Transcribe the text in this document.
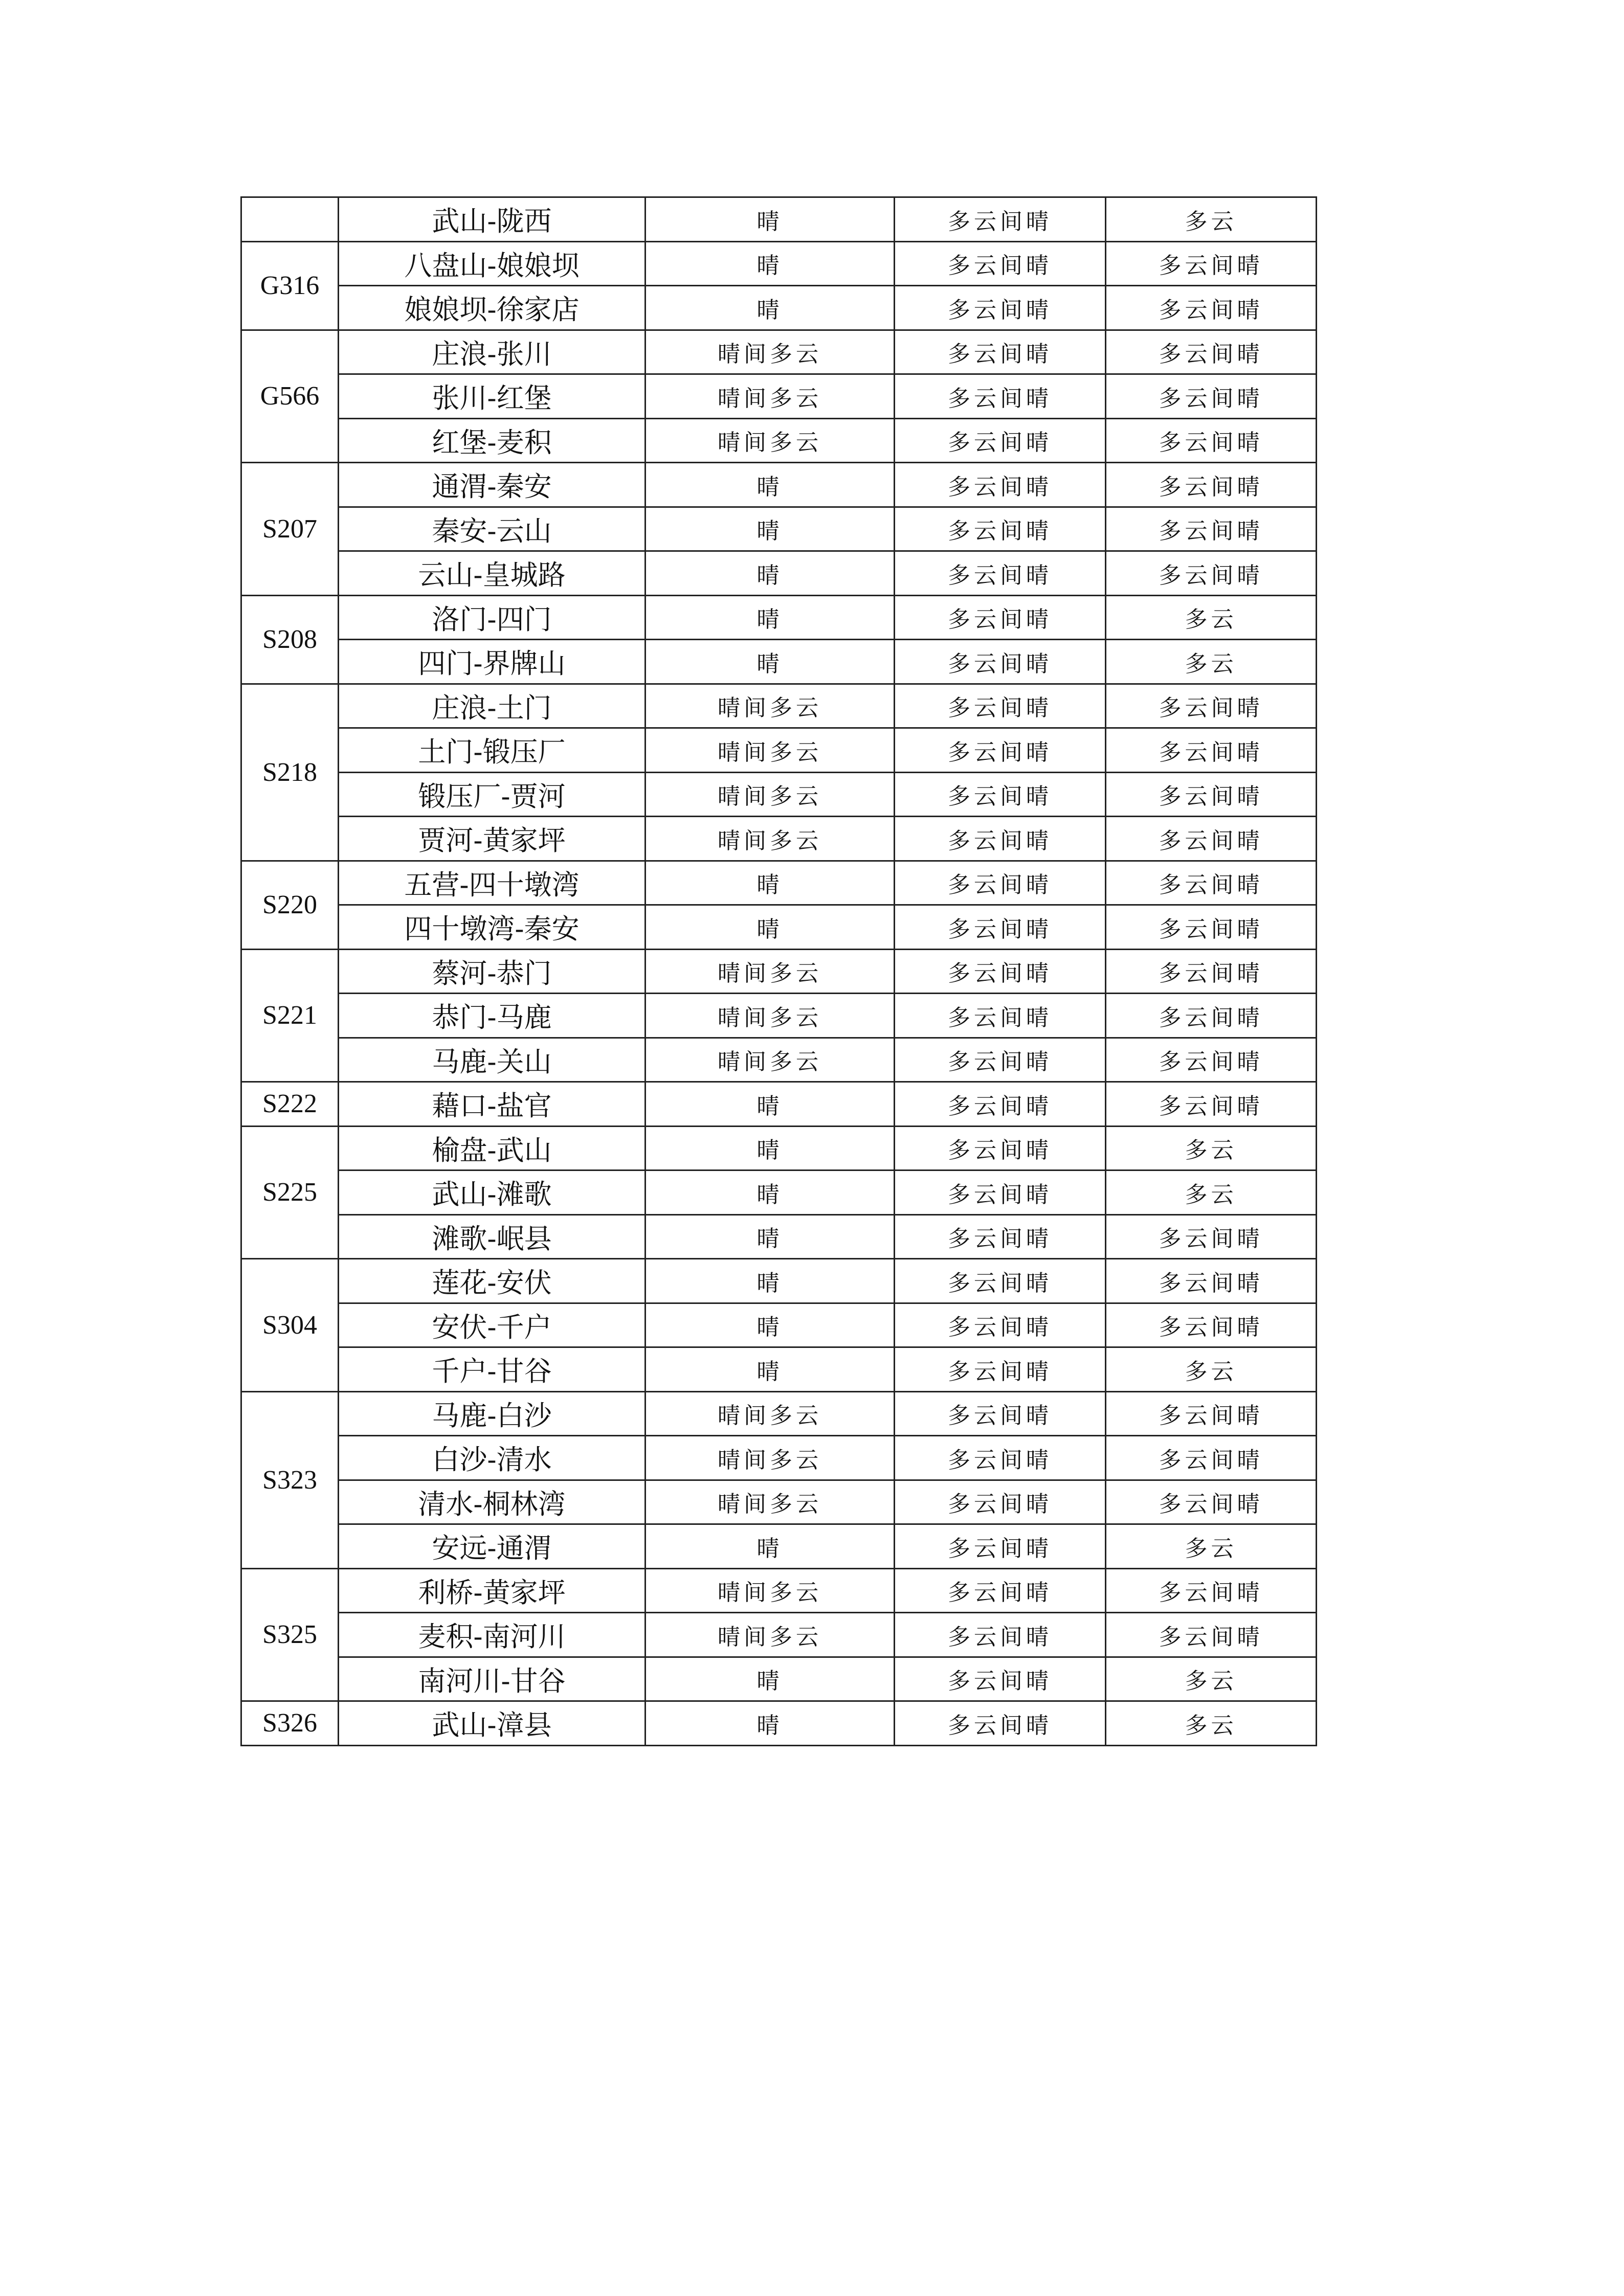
	武山-陇西	晴	多云间晴	多云
G316	八盘山-娘娘坝	晴	多云间晴	多云间晴
	娘娘坝-徐家店	晴	多云间晴	多云间晴
G566	庄浪-张川	晴间多云	多云间晴	多云间晴
	张川-红堡	晴间多云	多云间晴	多云间晴
	红堡-麦积	晴间多云	多云间晴	多云间晴
S207	通渭-秦安	晴	多云间晴	多云间晴
	秦安-云山	晴	多云间晴	多云间晴
	云山-皇城路	晴	多云间晴	多云间晴
S208	洛门-四门	晴	多云间晴	多云
	四门-界牌山	晴	多云间晴	多云
S218	庄浪-土门	晴间多云	多云间晴	多云间晴
	土门-锻压厂	晴间多云	多云间晴	多云间晴
	锻压厂-贾河	晴间多云	多云间晴	多云间晴
	贾河-黄家坪	晴间多云	多云间晴	多云间晴
S220	五营-四十墩湾	晴	多云间晴	多云间晴
	四十墩湾-秦安	晴	多云间晴	多云间晴
S221	蔡河-恭门	晴间多云	多云间晴	多云间晴
	恭门-马鹿	晴间多云	多云间晴	多云间晴
	马鹿-关山	晴间多云	多云间晴	多云间晴
S222	藉口-盐官	晴	多云间晴	多云间晴
S225	榆盘-武山	晴	多云间晴	多云
	武山-滩歌	晴	多云间晴	多云
	滩歌-岷县	晴	多云间晴	多云间晴
S304	莲花-安伏	晴	多云间晴	多云间晴
	安伏-千户	晴	多云间晴	多云间晴
	千户-甘谷	晴	多云间晴	多云
S323	马鹿-白沙	晴间多云	多云间晴	多云间晴
	白沙-清水	晴间多云	多云间晴	多云间晴
	清水-桐林湾	晴间多云	多云间晴	多云间晴
	安远-通渭	晴	多云间晴	多云
S325	利桥-黄家坪	晴间多云	多云间晴	多云间晴
	麦积-南河川	晴间多云	多云间晴	多云间晴
	南河川-甘谷	晴	多云间晴	多云
S326	武山-漳县	晴	多云间晴	多云
